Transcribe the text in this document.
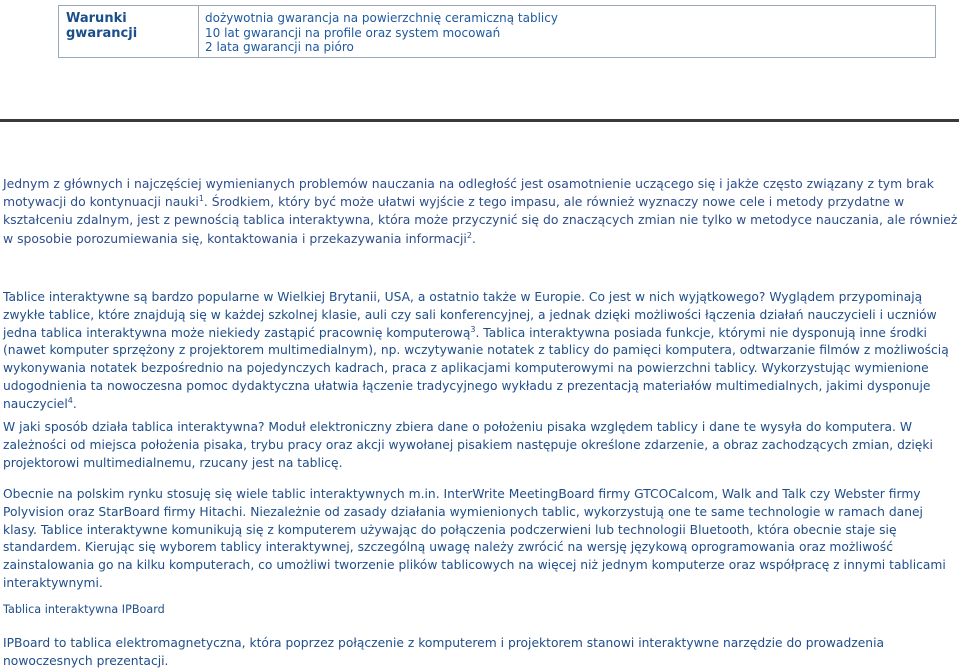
Warunki gwarancji
dożywotnia gwarancja na powierzchnię ceramiczną tablicy
10 lat gwarancji na profile oraz system mocowań
2 lata gwarancji na pióro

Jednym z głównych i najczęściej wymienianych problemów nauczania na odległość jest osamotnienie uczącego się i jakże często związany z tym brak motywacji do kontynuacji nauki$^1$. Środkiem, który być może ułatwi wyjście z tego impasu, ale również wyznaczy nowe cele i metody przydatne w kształceniu zdalnym, jest z pewnością tablica interaktywna, która może przyczynić się do znaczących zmian nie tylko w metodyce nauczania, ale również w sposobie porozumiewania się, kontaktowania i przekazywania informacji$^2$.

Tablice interaktywne są bardzo popularne w Wielkiej Brytanii, USA, a ostatnio także w Europie. Co jest w nich wyjątkowego? Wyglądem przypominają zwykłe tablice, które znajdują się w każdej szkolnej klasie, auli czy sali konferencyjnej, a jednak dzięki możliwości łączenia działań nauczycieli i uczniów jedna tablica interaktywna może niekiedy zastąpić pracownię komputerową$^3$. Tablica interaktywna posiada funkcje, którymi nie dysponują inne środki (nawet komputer sprzężony z projektorem multimedialnym), np. wczytywanie notatek z tablicy do pamięci komputera, odtwarzanie filmów z możliwością wykonywania notatek bezpośrednio na pojedynczych kadrach, praca z aplikacjami komputerowymi na powierzchni tablicy. Wykorzystując wymienione udogodnienia ta nowoczesna pomoc dydaktyczna ułatwia łączenie tradycyjnego wykładu z prezentacją materiałów multimedialnych, jakimi dysponuje nauczyciel$^4$.

W jaki sposób działa tablica interaktywna? Moduł elektroniczny zbiera dane o położeniu pisaka względem tablicy i dane te wysyła do komputera. W zależności od miejsca położenia pisaka, trybu pracy oraz akcji wywołanej pisakiem następuje określone zdarzenie, a obraz zachodzących zmian, dzięki projektorowi multimedialnemu, rzucany jest na tablicę.

Obecnie na polskim rynku stosuję się wiele tablic interaktywnych m.in. InterWrite MeetingBoard firmy GTCOCalcom, Walk and Talk czy Webster firmy Polyvision oraz StarBoard firmy Hitachi. Niezależnie od zasady działania wymienionych tablic, wykorzystują one te same technologie w ramach danej klasy. Tablice interaktywne komunikują się z komputerem używając do połączenia podczerwieni lub technologii Bluetooth, która obecnie staje się standardem. Kierując się wyborem tablicy interaktywnej, szczególną uwagę należy zwrócić na wersję językową oprogramowania oraz możliwość zainstalowania go na kilku komputerach, co umożliwi tworzenie plików tablicowych na więcej niż jednym komputerze oraz współpracę z innymi tablicami interaktywnymi.

Tablica interaktywna IPBoard

IPBoard to tablica elektromagnetyczna, która poprzez połączenie z komputerem i projektorem stanowi interaktywne narzędzie do prowadzenia nowoczesnych prezentacji.
